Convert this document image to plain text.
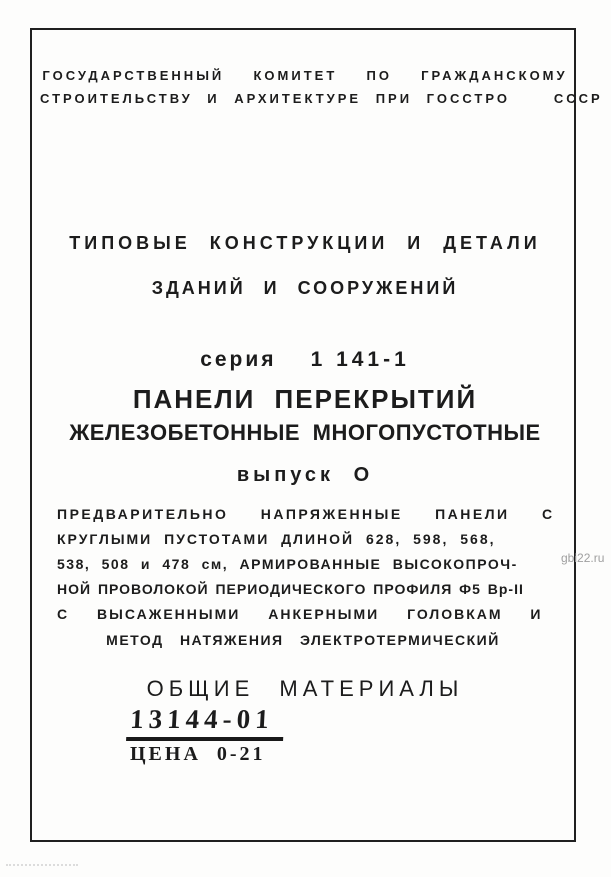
ГОСУДАРСТВЕННЫЙ  КОМИТЕТ  ПО  ГРАЖДАНСКОМУ
СТРОИТЕЛЬСТВУ И АРХИТЕКТУРЕ ПРИ ГОССТРО   СССР
ТИПОВЫЕ КОНСТРУКЦИИ И ДЕТАЛИ
ЗДАНИЙ И СООРУЖЕНИЙ
серия 1 141-1
ПАНЕЛИ ПЕРЕКРЫТИЙ
ЖЕЛЕЗОБЕТОННЫЕ МНОГОПУСТОТНЫЕ
выпуск О
ПРЕДВАРИТЕЛЬНО НАПРЯЖЕННЫЕ ПАНЕЛИ С
КРУГЛЫМИ ПУСТОТАМИ ДЛИНОЙ 628, 598, 568,
538, 508 и 478 см, АРМИРОВАННЫЕ ВЫСОКОПРОЧ-
НОЙ ПРОВОЛОКОЙ ПЕРИОДИЧЕСКОГО ПРОФИЛЯ Ф5 Вр-II
С ВЫСАЖЕННЫМИ АНКЕРНЫМИ ГОЛОВКАМ И
МЕТОД НАТЯЖЕНИЯ ЭЛЕКТРОТЕРМИЧЕСКИЙ
ОБЩИЕ МАТЕРИАЛЫ
13144-01
ЦЕНА  0-21
gbi22.ru
